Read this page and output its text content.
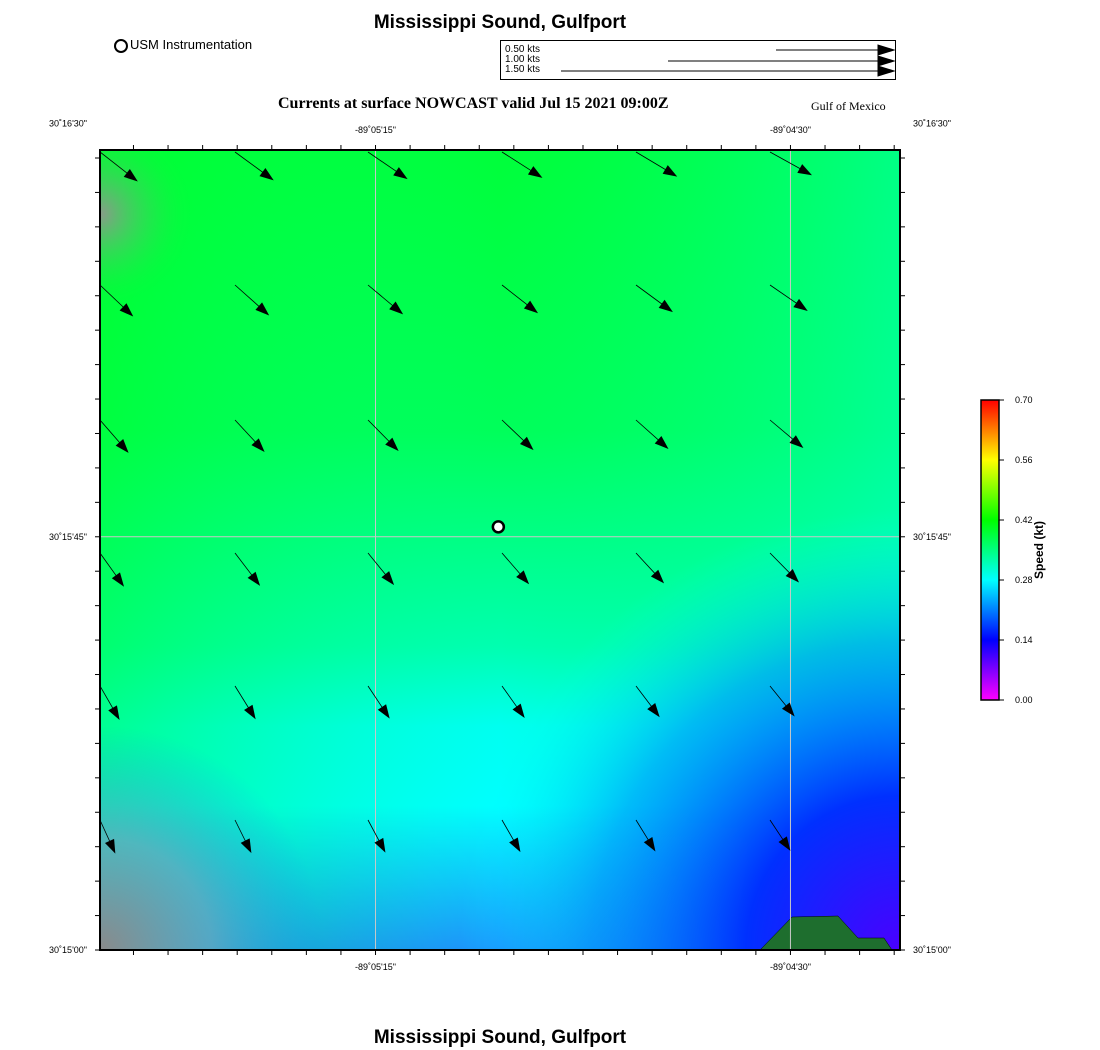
Mississippi Sound, Gulfport
USM Instrumentation	0.50 kts
1.00 kts
1.50 kts
Currents at surface NOWCAST valid Jul 15 2021 09:00Z	Gulf of Mexico
-89˚05'15"
-89˚05'15"
-89˚04'30"
-89˚04'30"
30˚16'30"	30˚16'30"
30˚15'45"	30˚15'45"
30˚15'00"	30˚15'00"
0.70
0.56
0.42
0.28
0.14
0.00
Speed (kt)
Mississippi Sound, Gulfport
